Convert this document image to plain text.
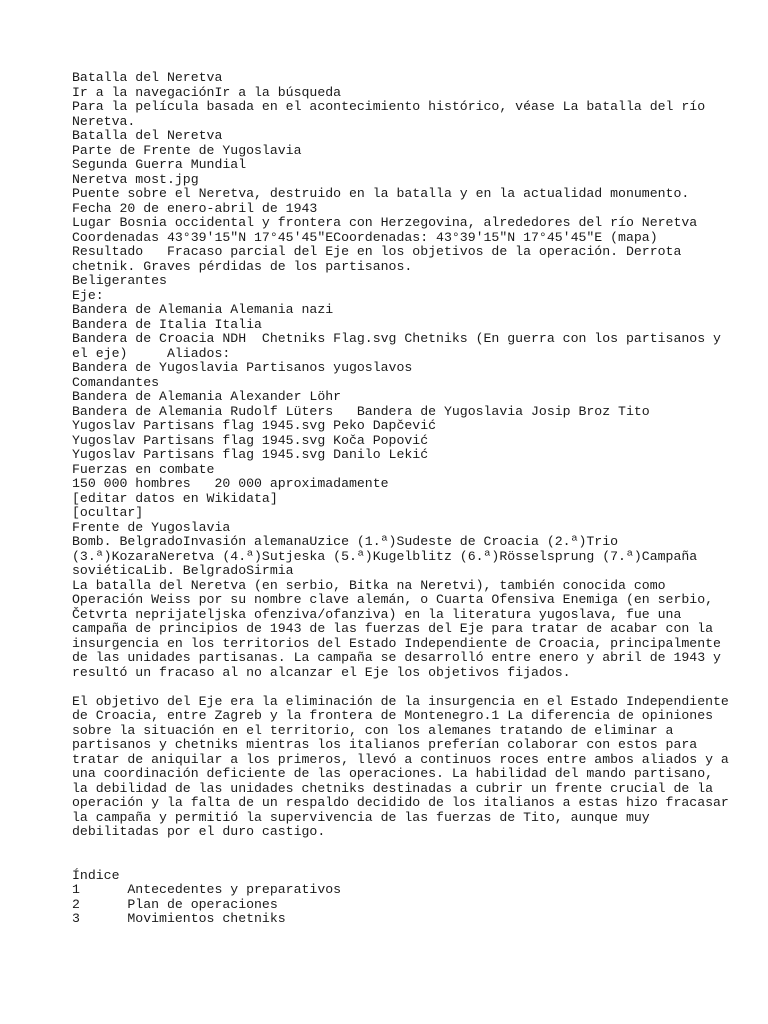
Batalla del Neretva
Ir a la navegaciónIr a la búsqueda
Para la película basada en el acontecimiento histórico, véase La batalla del río
Neretva.
Batalla del Neretva
Parte de Frente de Yugoslavia
Segunda Guerra Mundial
Neretva most.jpg
Puente sobre el Neretva, destruido en la batalla y en la actualidad monumento.
Fecha 20 de enero-abril de 1943
Lugar Bosnia occidental y frontera con Herzegovina, alrededores del río Neretva
Coordenadas 43°39′15″N 17°45′45″ECoordenadas: 43°39′15″N 17°45′45″E (mapa)
Resultado   Fracaso parcial del Eje en los objetivos de la operación. Derrota
chetnik. Graves pérdidas de los partisanos.
Beligerantes
Eje:
Bandera de Alemania Alemania nazi
Bandera de Italia Italia
Bandera de Croacia NDH  Chetniks Flag.svg Chetniks (En guerra con los partisanos y
el eje)     Aliados:
Bandera de Yugoslavia Partisanos yugoslavos
Comandantes
Bandera de Alemania Alexander Löhr
Bandera de Alemania Rudolf Lüters   Bandera de Yugoslavia Josip Broz Tito
Yugoslav Partisans flag 1945.svg Peko Dapčević
Yugoslav Partisans flag 1945.svg Koča Popović
Yugoslav Partisans flag 1945.svg Danilo Lekić
Fuerzas en combate
150 000 hombres   20 000 aproximadamente
[editar datos en Wikidata]
[ocultar]
Frente de Yugoslavia
Bomb. BelgradoInvasión alemanaUzice (1.ª)Sudeste de Croacia (2.ª)Trio
(3.ª)KozaraNeretva (4.ª)Sutjeska (5.ª)Kugelblitz (6.ª)Rösselsprung (7.ª)Campaña
soviéticaLib. BelgradoSirmia
La batalla del Neretva (en serbio, Bitka na Neretvi), también conocida como
Operación Weiss por su nombre clave alemán, o Cuarta Ofensiva Enemiga (en serbio,
Četvrta neprijateljska ofenziva/ofanziva) en la literatura yugoslava, fue una
campaña de principios de 1943 de las fuerzas del Eje para tratar de acabar con la
insurgencia en los territorios del Estado Independiente de Croacia, principalmente
de las unidades partisanas. La campaña se desarrolló entre enero y abril de 1943 y
resultó un fracaso al no alcanzar el Eje los objetivos fijados.
El objetivo del Eje era la eliminación de la insurgencia en el Estado Independiente
de Croacia, entre Zagreb y la frontera de Montenegro.1 La diferencia de opiniones
sobre la situación en el territorio, con los alemanes tratando de eliminar a
partisanos y chetniks mientras los italianos preferían colaborar con estos para
tratar de aniquilar a los primeros, llevó a continuos roces entre ambos aliados y a
una coordinación deficiente de las operaciones. La habilidad del mando partisano,
la debilidad de las unidades chetniks destinadas a cubrir un frente crucial de la
operación y la falta de un respaldo decidido de los italianos a estas hizo fracasar
la campaña y permitió la supervivencia de las fuerzas de Tito, aunque muy
debilitadas por el duro castigo.
Índice
1      Antecedentes y preparativos
2      Plan de operaciones
3      Movimientos chetniks
